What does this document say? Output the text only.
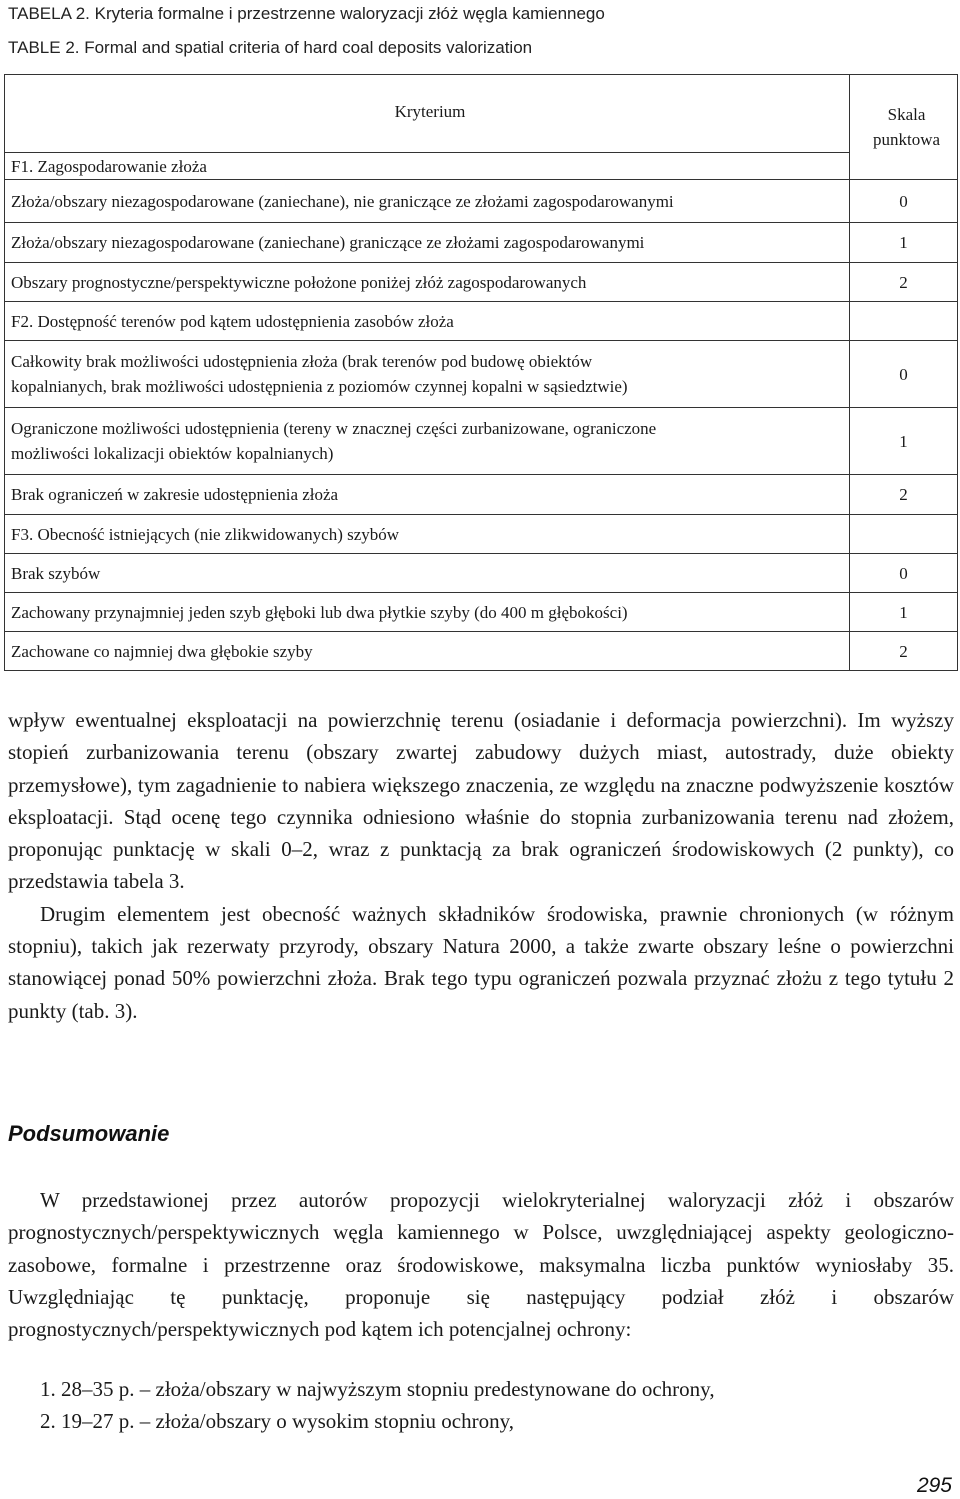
TABELA 2. Kryteria formalne i przestrzenne waloryzacji złóż węgla kamiennego
TABLE 2. Formal and spatial criteria of hard coal deposits valorization
Kryterium	Skala
punktowa

F1. Zagospodarowanie złoża	
Złoża/obszary niezagospodarowane (zaniechane), nie graniczące ze złożami zagospodarowanymi	0
Złoża/obszary niezagospodarowane (zaniechane) graniczące ze złożami zagospodarowanymi	1
Obszary prognostyczne/perspektywiczne położone poniżej złóż zagospodarowanych	2
F2. Dostępność terenów pod kątem udostępnienia zasobów złoża	

Całkowity brak możliwości udostępnienia złoża (brak terenów pod budowę obiektów
kopalnianych, brak możliwości udostępnienia z poziomów czynnej kopalni w sąsiedztwie)	0

Ograniczone możliwości udostępnienia (tereny w znacznej części zurbanizowane, ograniczone
możliwości lokalizacji obiektów kopalnianych)	1
Brak ograniczeń w zakresie udostępnienia złoża	2
F3. Obecność istniejących (nie zlikwidowanych) szybów	
Brak szybów	0
Zachowany przynajmniej jeden szyb głęboki lub dwa płytkie szyby (do 400 m głębokości)	1
Zachowane co najmniej dwa głębokie szyby	2

wpływ ewentualnej eksploatacji na powierzchnię terenu (osiadanie i deformacja powierzchni). Im wyższy stopień zurbanizowania terenu (obszary zwartej zabudowy dużych miast, autostrady, duże obiekty przemysłowe), tym zagadnienie to nabiera większego znaczenia, ze względu na znaczne podwyższenie kosztów eksploatacji. Stąd ocenę tego czynnika odniesiono właśnie do stopnia zurbanizowania terenu nad złożem, proponując punktację w skali 0–2, wraz z punktacją za brak ograniczeń środowiskowych (2 punkty), co przedstawia tabela 3.

Drugim elementem jest obecność ważnych składników środowiska, prawnie chronionych (w różnym stopniu), takich jak rezerwaty przyrody, obszary Natura 2000, a także zwarte obszary leśne o powierzchni stanowiącej ponad 50% powierzchni złoża. Brak tego typu ograniczeń pozwala przyznać złożu z tego tytułu 2 punkty (tab. 3).

Podsumowanie

W przedstawionej przez autorów propozycji wielokryterialnej waloryzacji złóż i obszarów prognostycznych/perspektywicznych węgla kamiennego w Polsce, uwzględniającej aspekty geologiczno-zasobowe, formalne i przestrzenne oraz środowiskowe, maksymalna liczba punktów wyniosłaby 35. Uwzględniając tę punktację, proponuje się następujący podział złóż i obszarów prognostycznych/perspektywicznych pod kątem ich potencjalnej ochrony:

1. 28–35 p. – złoża/obszary w najwyższym stopniu predestynowane do ochrony,
2. 19–27 p. – złoża/obszary o wysokim stopniu ochrony,
295
